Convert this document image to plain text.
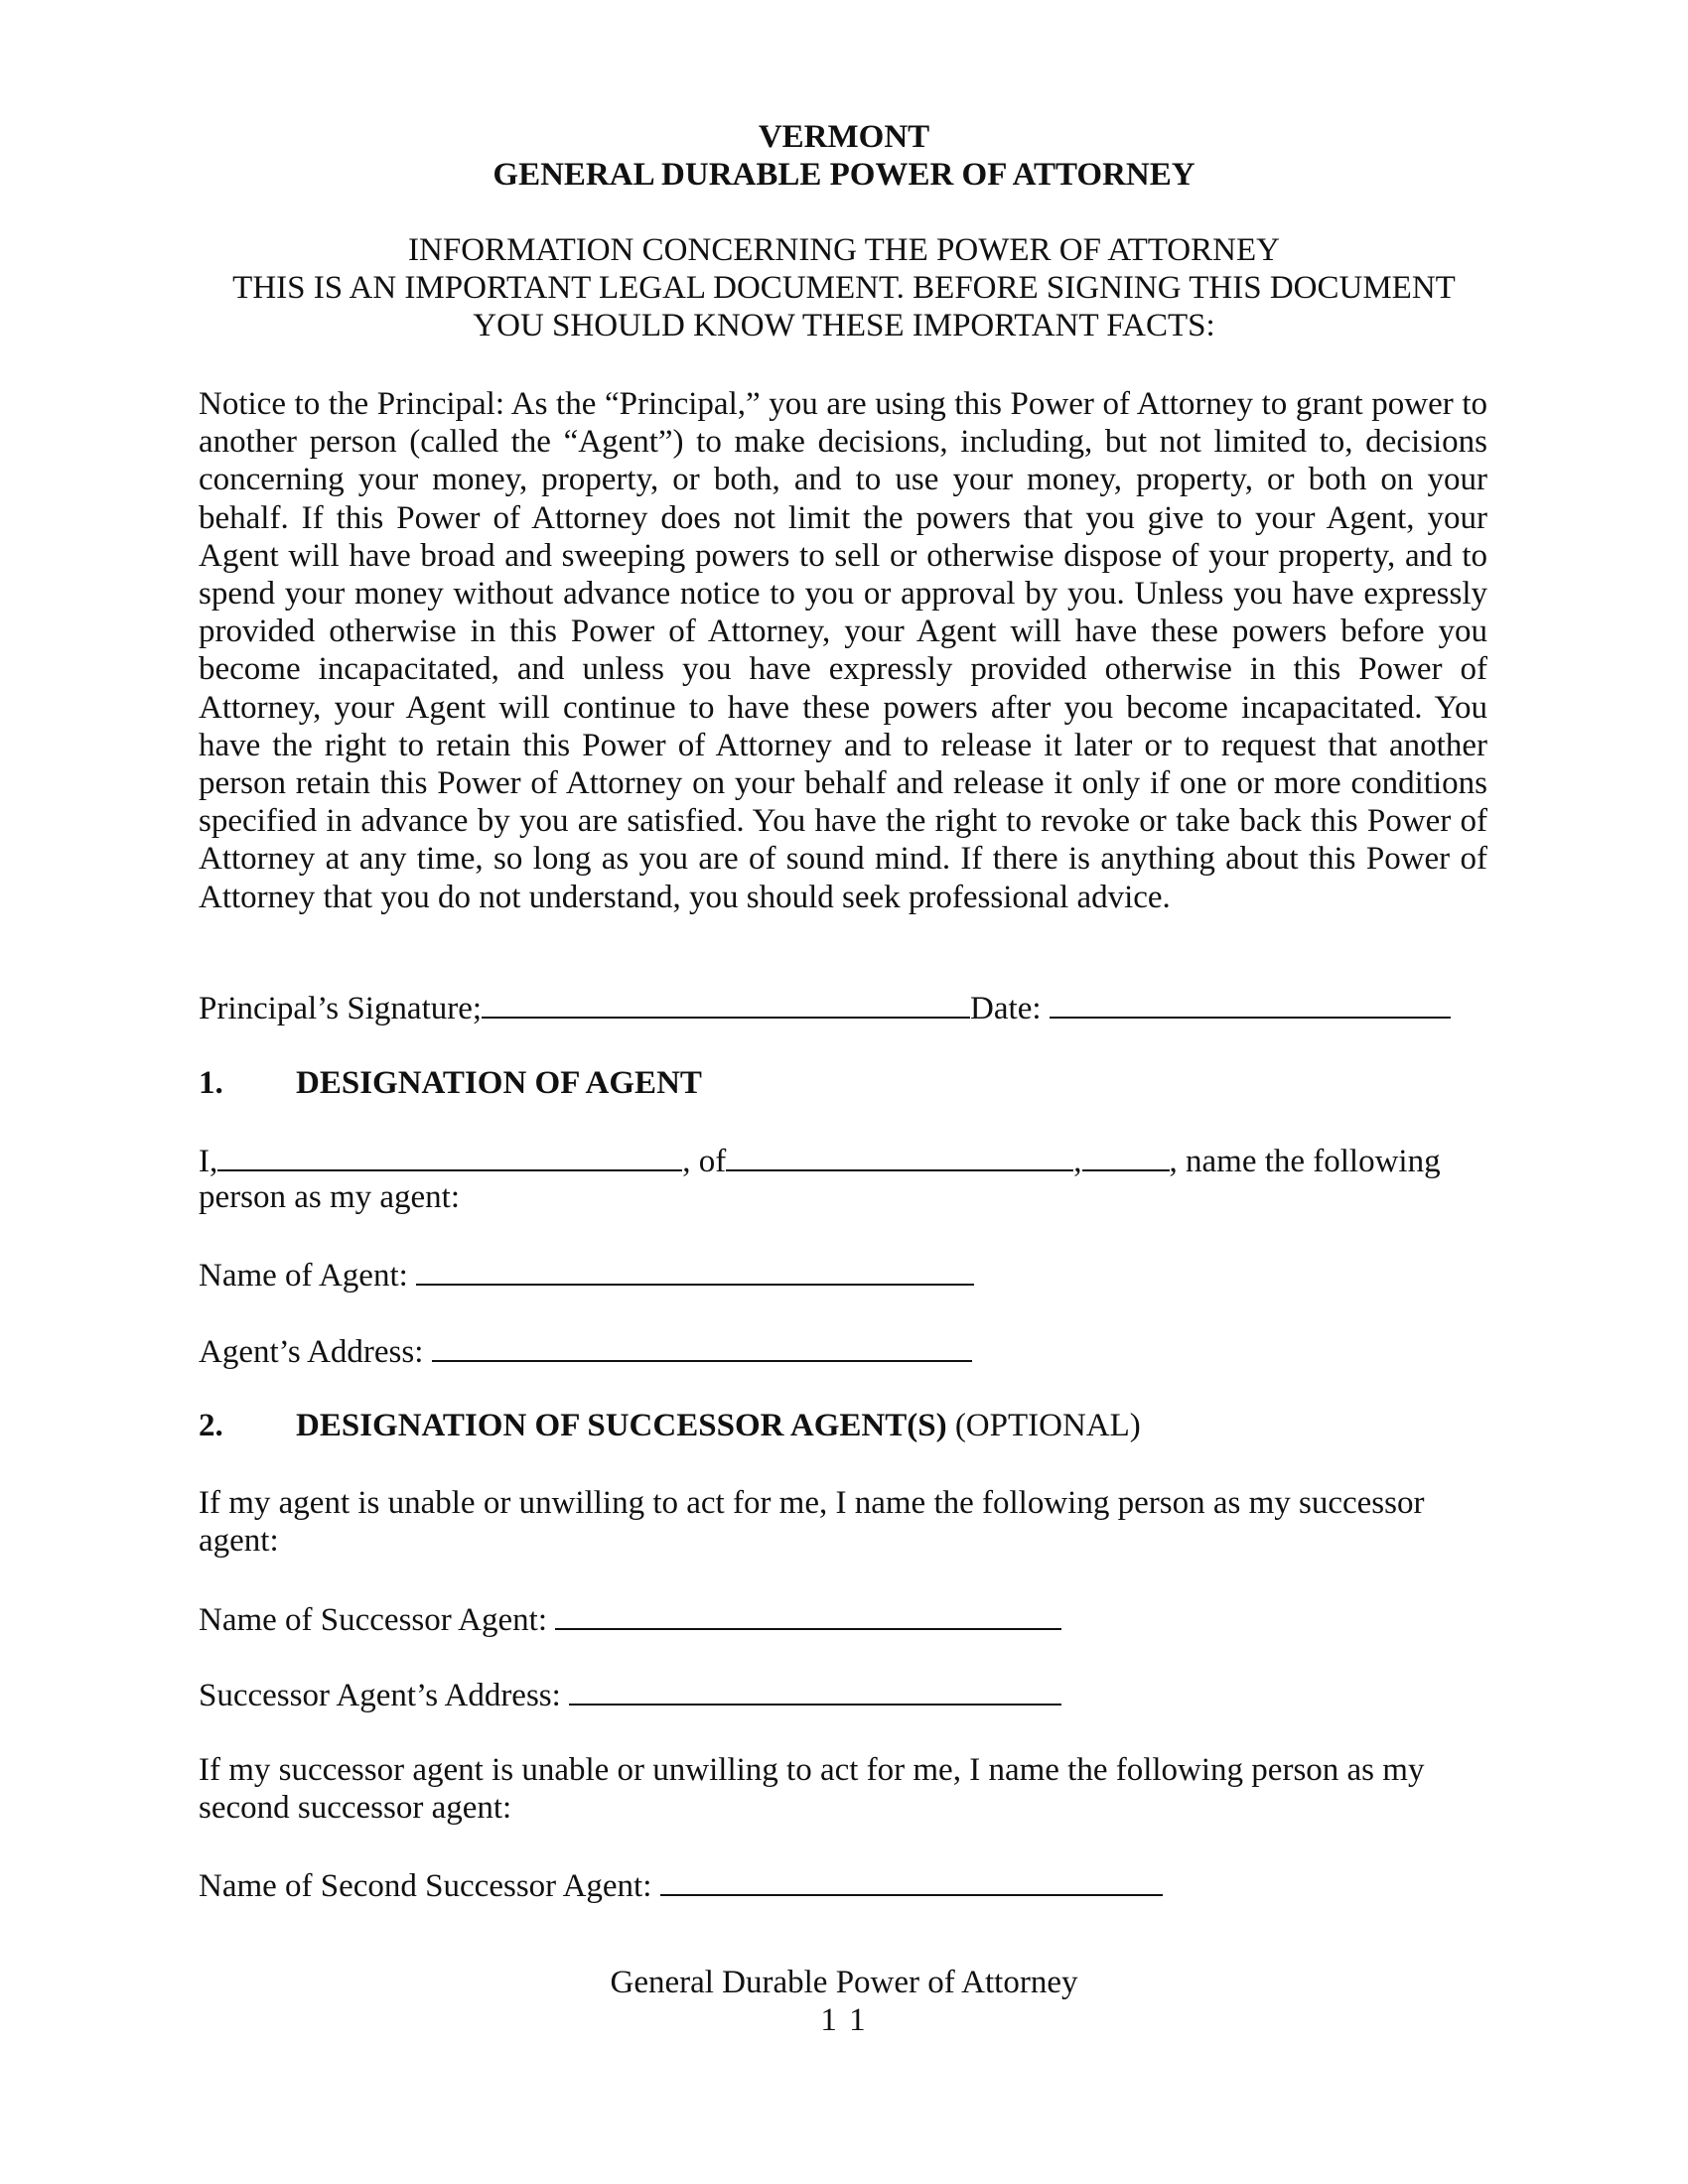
VERMONT
GENERAL DURABLE POWER OF ATTORNEY
INFORMATION CONCERNING THE POWER OF ATTORNEY
THIS IS AN IMPORTANT LEGAL DOCUMENT. BEFORE SIGNING THIS DOCUMENT
YOU SHOULD KNOW THESE IMPORTANT FACTS:
Notice to the Principal: As the “Principal,” you are using this Power of Attorney to grant power to another person (called the “Agent”) to make decisions, including, but not limited to, decisions concerning your money, property, or both, and to use your money, property, or both on your behalf. If this Power of Attorney does not limit the powers that you give to your Agent, your Agent will have broad and sweeping powers to sell or otherwise dispose of your property, and to spend your money without advance notice to you or approval by you. Unless you have expressly provided otherwise in this Power of Attorney, your Agent will have these powers before you become incapacitated, and unless you have expressly provided otherwise in this Power of Attorney, your Agent will continue to have these powers after you become incapacitated. You have the right to retain this Power of Attorney and to release it later or to request that another person retain this Power of Attorney on your behalf and release it only if one or more conditions specified in advance by you are satisfied. You have the right to revoke or take back this Power of Attorney at any time, so long as you are of sound mind. If there is anything about this Power of Attorney that you do not understand, you should seek professional advice.
Principal’s Signature;	Date:
1. DESIGNATION OF AGENT
I,	, of	,	, name the following
person as my agent:
Name of Agent:
Agent’s Address:
2. DESIGNATION OF SUCCESSOR AGENT(S) (OPTIONAL)
If my agent is unable or unwilling to act for me, I name the following person as my successor agent:
Name of Successor Agent:
Successor Agent’s Address:
If my successor agent is unable or unwilling to act for me, I name the following person as my second successor agent:
Name of Second Successor Agent:
General Durable Power of Attorney
1 1
